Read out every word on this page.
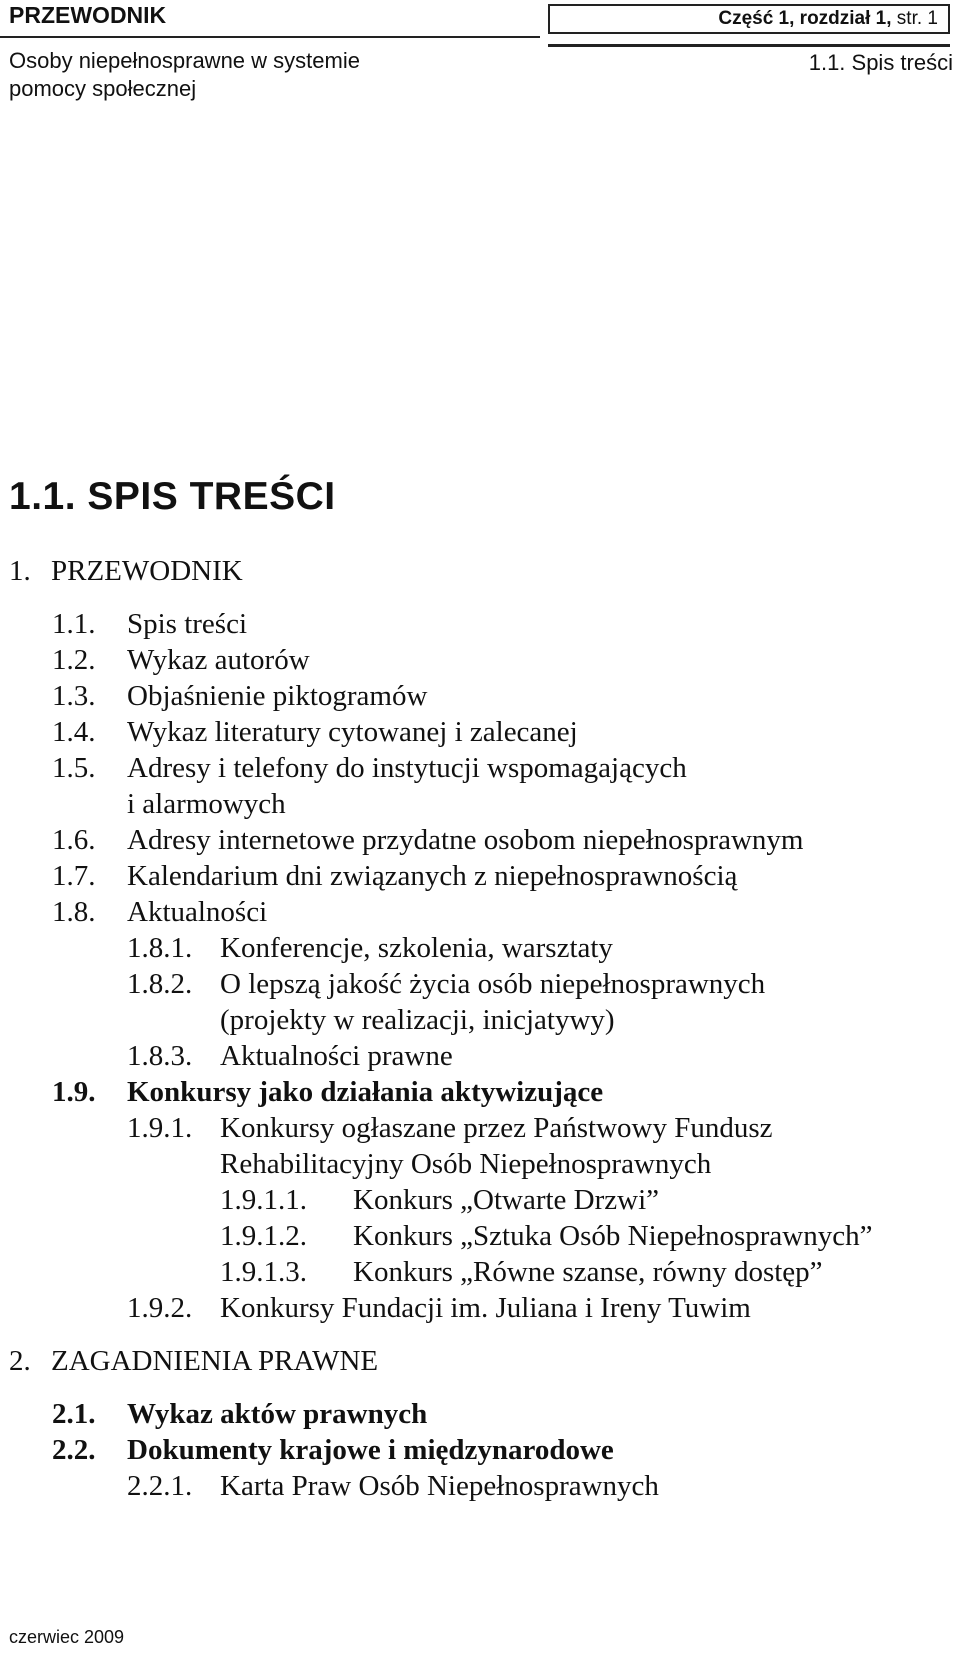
PRZEWODNIK	Część 1, rozdział 1, str. 1
Osoby niepełnosprawne w systemie
pomocy społecznej
1.1. Spis treści
1.1. SPIS TREŚCI
1. PRZEWODNIK
1.1. Spis treści
1.2. Wykaz autorów
1.3. Objaśnienie piktogramów
1.4. Wykaz literatury cytowanej i zalecanej
1.5. Adresy i telefony do instytucji wspomagających
i alarmowych
1.6. Adresy internetowe przydatne osobom niepełnosprawnym
1.7. Kalendarium dni związanych z niepełnosprawnością
1.8. Aktualności
1.8.1. Konferencje, szkolenia, warsztaty
1.8.2. O lepszą jakość życia osób niepełnosprawnych
(projekty w realizacji, inicjatywy)
1.8.3. Aktualności prawne
1.9. Konkursy jako działania aktywizujące
1.9.1. Konkursy ogłaszane przez Państwowy Fundusz
Rehabilitacyjny Osób Niepełnosprawnych
1.9.1.1. Konkurs „Otwarte Drzwi”
1.9.1.2. Konkurs „Sztuka Osób Niepełnosprawnych”
1.9.1.3. Konkurs „Równe szanse, równy dostęp”
1.9.2. Konkursy Fundacji im. Juliana i Ireny Tuwim
2. ZAGADNIENIA PRAWNE
2.1. Wykaz aktów prawnych
2.2. Dokumenty krajowe i międzynarodowe
2.2.1. Karta Praw Osób Niepełnosprawnych
czerwiec 2009
